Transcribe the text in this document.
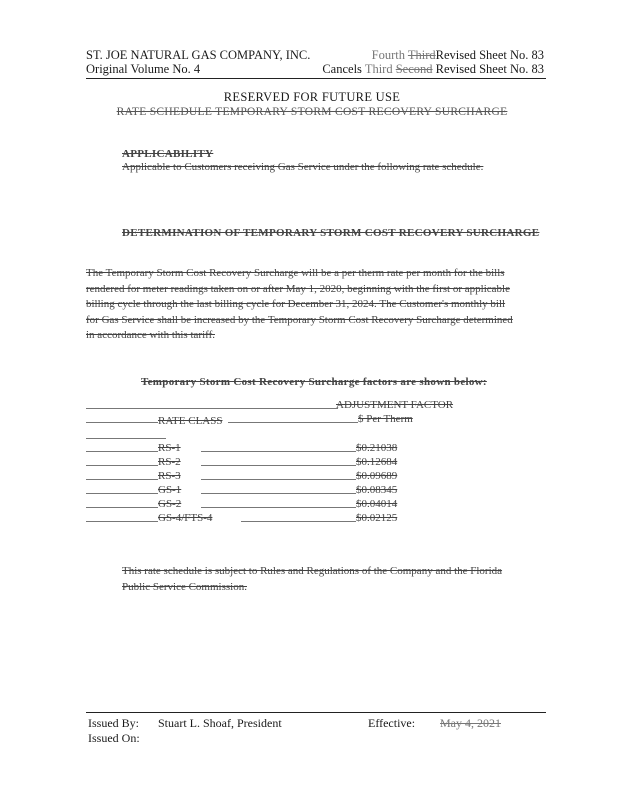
ST. JOE NATURAL GAS COMPANY, INC.
Original Volume No. 4
Fourth ThirdRevised Sheet No. 83
Cancels Third Second Revised Sheet No. 83
RESERVED FOR FUTURE USE
RATE SCHEDULE TEMPORARY STORM COST RECOVERY SURCHARGE
APPLICABILITY
Applicable to Customers receiving Gas Service under the following rate schedule.
DETERMINATION OF TEMPORARY STORM COST RECOVERY SURCHARGE
The Temporary Storm Cost Recovery Surcharge will be a per therm rate per month for the bills
rendered for meter readings taken on or after May 1, 2020, beginning with the first or applicable
billing cycle through the last billing cycle for December 31, 2024. The Customer's monthly bill
for Gas Service shall be increased by the Temporary Storm Cost Recovery Surcharge determined
in accordance with this tariff.
Temporary Storm Cost Recovery Surcharge factors are shown below:
ADJUSTMENT FACTOR
RATE CLASS	$ Per Therm
RS-1	$0.21038
RS-2	$0.12684
RS-3	$0.09689
GS-1	$0.08345
GS-2	$0.04014
GS-4/FTS-4	$0.02125
This rate schedule is subject to Rules and Regulations of the Company and the Florida
Public Service Commission.
Issued By: Stuart L. Shoaf, President	Effective: May 4, 2021
Issued On:
